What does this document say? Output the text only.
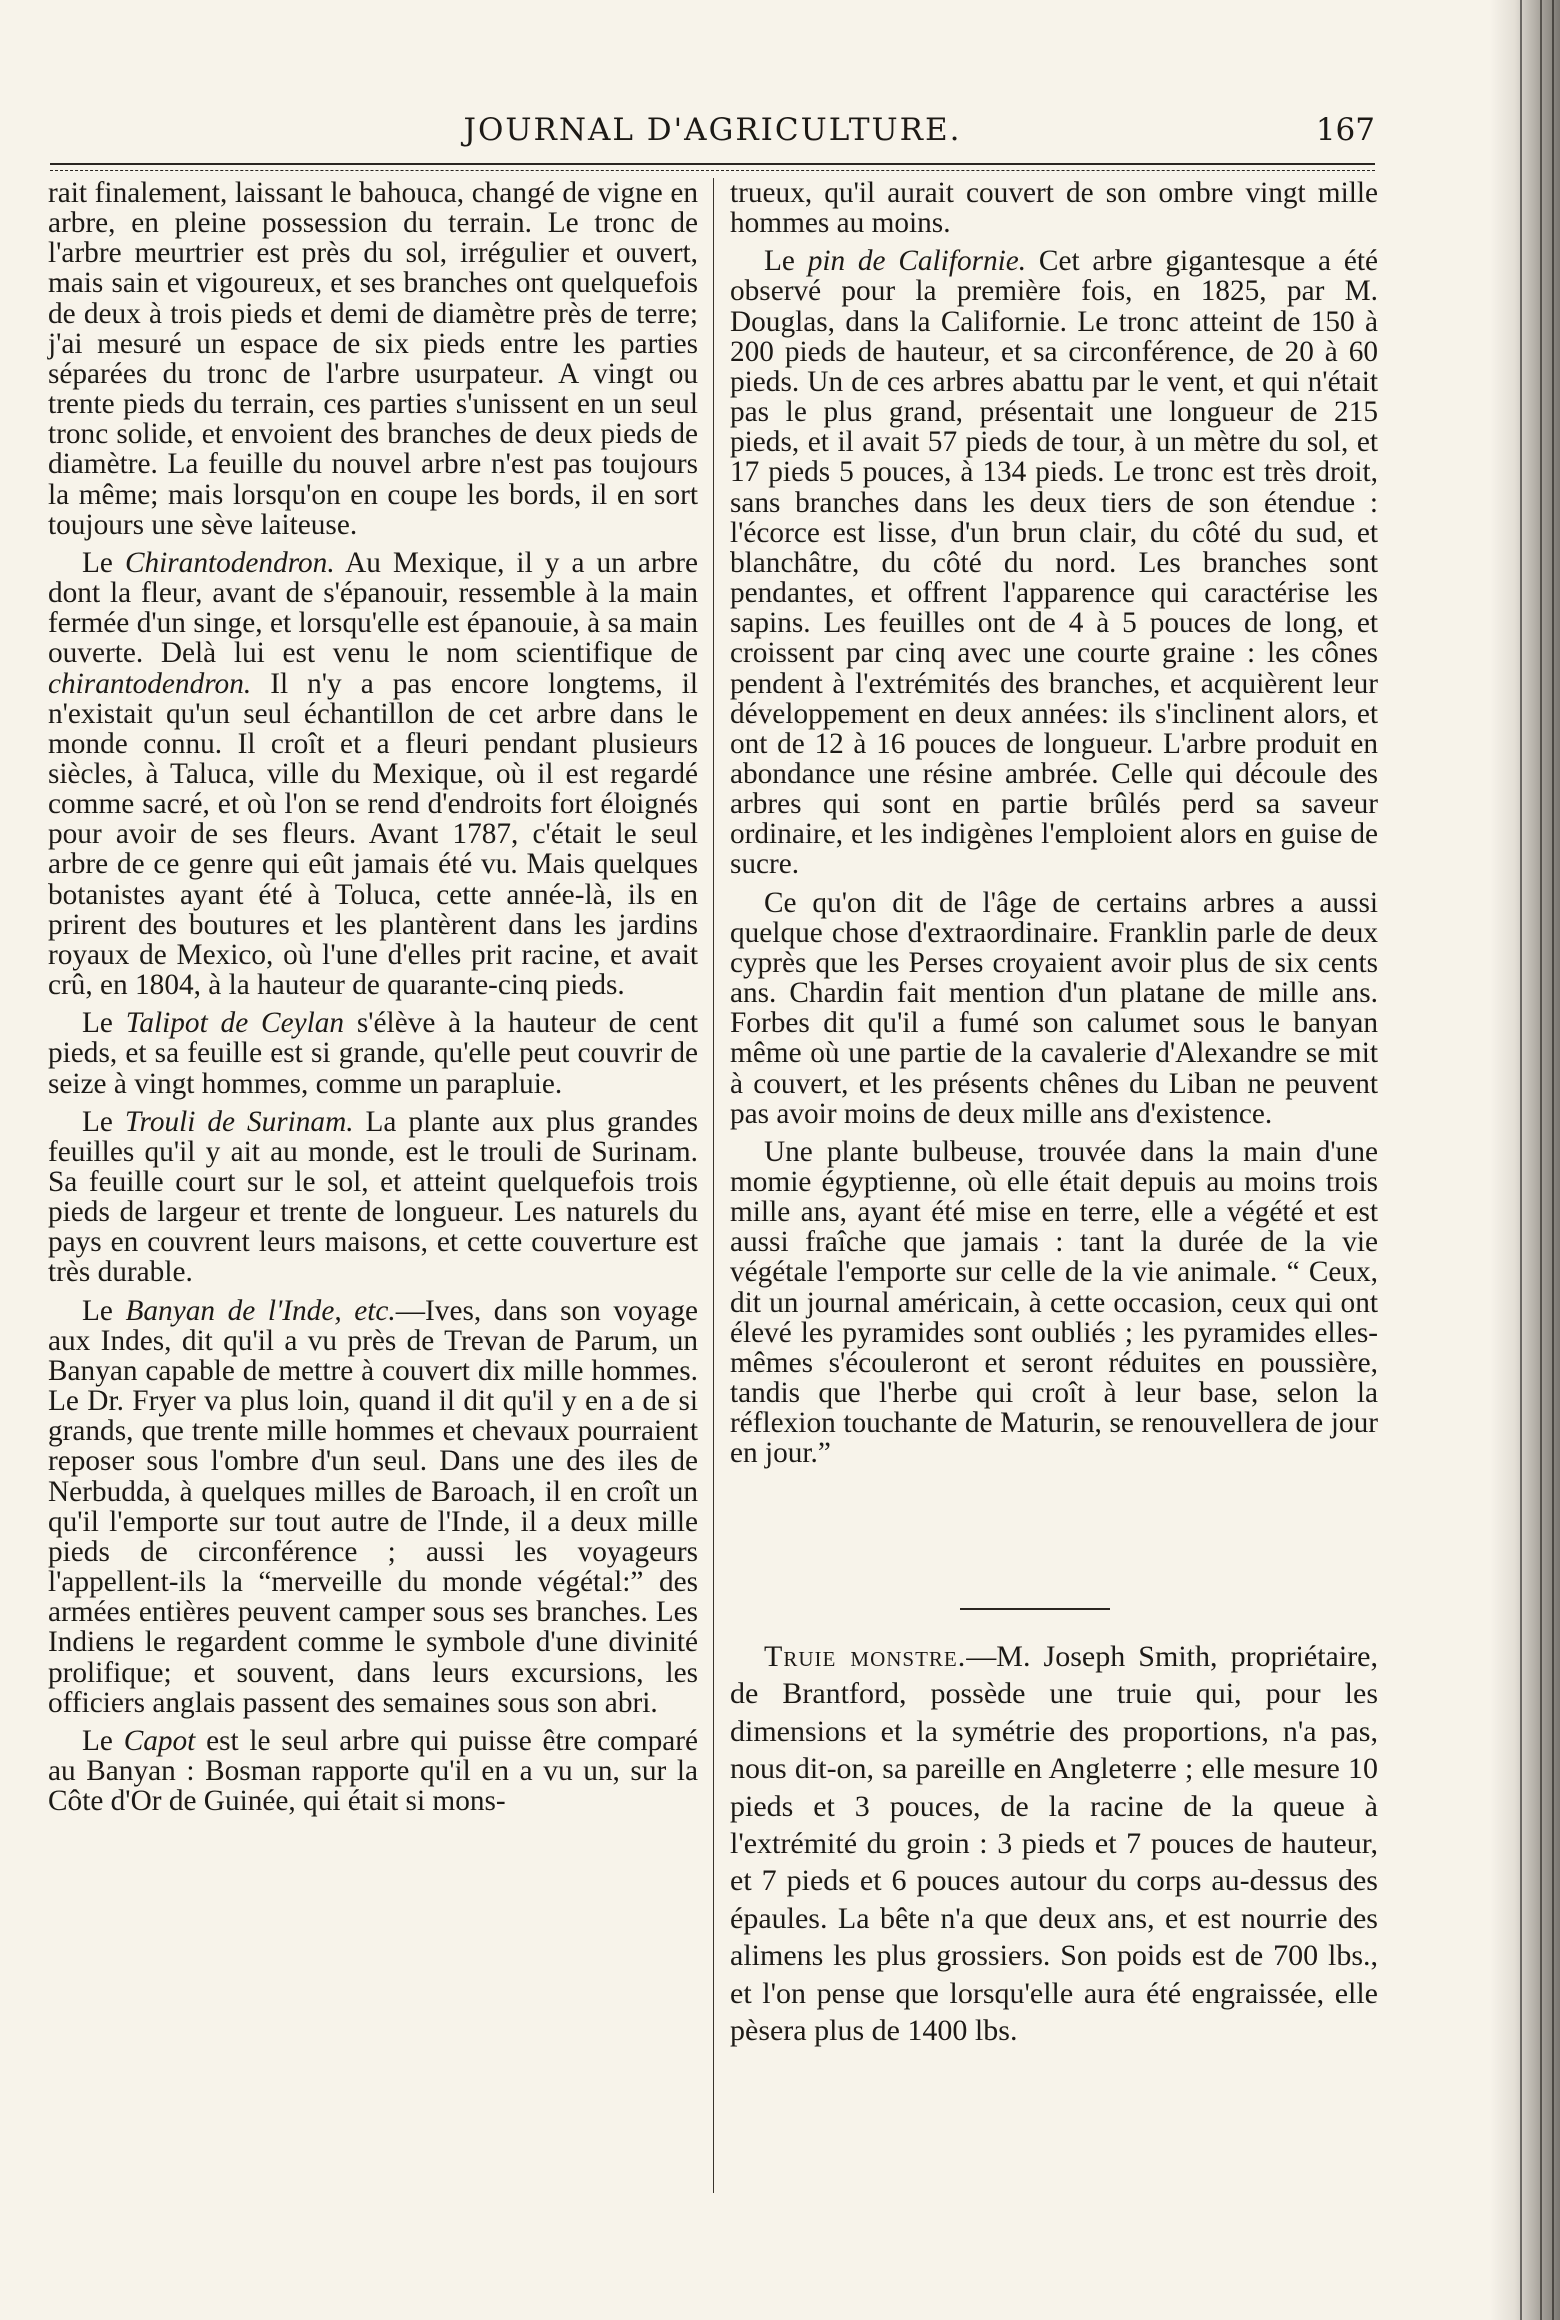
JOURNAL D'AGRICULTURE.	167

rait finalement, laissant le bahouca, changé de vigne en arbre, en pleine possession du terrain. Le tronc de l'arbre meurtrier est près du sol, irrégulier et ouvert, mais sain et vigoureux, et ses branches ont quelquefois de deux à trois pieds et demi de diamètre près de terre; j'ai mesuré un espace de six pieds entre les parties séparées du tronc de l'arbre usurpateur. A vingt ou trente pieds du terrain, ces parties s'unissent en un seul tronc solide, et envoient des branches de deux pieds de diamètre. La feuille du nouvel arbre n'est pas toujours la même; mais lorsqu'on en coupe les bords, il en sort toujours une sève laiteuse.

Le Chirantodendron. Au Mexique, il y a un arbre dont la fleur, avant de s'épanouir, ressemble à la main fermée d'un singe, et lorsqu'elle est épanouie, à sa main ouverte. Delà lui est venu le nom scientifique de chirantodendron. Il n'y a pas encore longtems, il n'existait qu'un seul échantillon de cet arbre dans le monde connu. Il croît et a fleuri pendant plusieurs siècles, à Taluca, ville du Mexique, où il est regardé comme sacré, et où l'on se rend d'endroits fort éloignés pour avoir de ses fleurs. Avant 1787, c'était le seul arbre de ce genre qui eût jamais été vu. Mais quelques botanistes ayant été à Toluca, cette année-là, ils en prirent des boutures et les plantèrent dans les jardins royaux de Mexico, où l'une d'elles prit racine, et avait crû, en 1804, à la hauteur de quarante-cinq pieds.

Le Talipot de Ceylan s'élève à la hauteur de cent pieds, et sa feuille est si grande, qu'elle peut couvrir de seize à vingt hommes, comme un parapluie.

Le Trouli de Surinam. La plante aux plus grandes feuilles qu'il y ait au monde, est le trouli de Surinam. Sa feuille court sur le sol, et atteint quelquefois trois pieds de largeur et trente de longueur. Les naturels du pays en couvrent leurs maisons, et cette couverture est très durable.

Le Banyan de l'Inde, etc.—Ives, dans son voyage aux Indes, dit qu'il a vu près de Trevan de Parum, un Banyan capable de mettre à couvert dix mille hommes. Le Dr. Fryer va plus loin, quand il dit qu'il y en a de si grands, que trente mille hommes et chevaux pourraient reposer sous l'ombre d'un seul. Dans une des iles de Nerbudda, à quelques milles de Baroach, il en croît un qu'il l'emporte sur tout autre de l'Inde, il a deux mille pieds de circonférence ; aussi les voyageurs l'appellent-ils la “merveille du monde végétal:” des armées entières peuvent camper sous ses branches. Les Indiens le regardent comme le symbole d'une divinité prolifique; et souvent, dans leurs excursions, les officiers anglais passent des semaines sous son abri.

Le Capot est le seul arbre qui puisse être comparé au Banyan : Bosman rapporte qu'il en a vu un, sur la Côte d'Or de Guinée, qui était si mons-

trueux, qu'il aurait couvert de son ombre vingt mille hommes au moins.

Le pin de Californie. Cet arbre gigantesque a été observé pour la première fois, en 1825, par M. Douglas, dans la Californie. Le tronc atteint de 150 à 200 pieds de hauteur, et sa circonférence, de 20 à 60 pieds. Un de ces arbres abattu par le vent, et qui n'était pas le plus grand, présentait une longueur de 215 pieds, et il avait 57 pieds de tour, à un mètre du sol, et 17 pieds 5 pouces, à 134 pieds. Le tronc est très droit, sans branches dans les deux tiers de son étendue : l'écorce est lisse, d'un brun clair, du côté du sud, et blanchâtre, du côté du nord. Les branches sont pendantes, et offrent l'apparence qui caractérise les sapins. Les feuilles ont de 4 à 5 pouces de long, et croissent par cinq avec une courte graine : les cônes pendent à l'extrémités des branches, et acquièrent leur développement en deux années: ils s'inclinent alors, et ont de 12 à 16 pouces de longueur. L'arbre produit en abondance une résine ambrée. Celle qui découle des arbres qui sont en partie brûlés perd sa saveur ordinaire, et les indigènes l'emploient alors en guise de sucre.

Ce qu'on dit de l'âge de certains arbres a aussi quelque chose d'extraordinaire. Franklin parle de deux cyprès que les Perses croyaient avoir plus de six cents ans. Chardin fait mention d'un platane de mille ans. Forbes dit qu'il a fumé son calumet sous le banyan même où une partie de la cavalerie d'Alexandre se mit à couvert, et les présents chênes du Liban ne peuvent pas avoir moins de deux mille ans d'existence.

Une plante bulbeuse, trouvée dans la main d'une momie égyptienne, où elle était depuis au moins trois mille ans, ayant été mise en terre, elle a végété et est aussi fraîche que jamais : tant la durée de la vie végétale l'emporte sur celle de la vie animale. “ Ceux, dit un journal américain, à cette occasion, ceux qui ont élevé les pyramides sont oubliés ; les pyramides elles-mêmes s'écouleront et seront réduites en poussière, tandis que l'herbe qui croît à leur base, selon la réflexion touchante de Maturin, se renouvellera de jour en jour.”

Truie monstre.—M. Joseph Smith, propriétaire, de Brantford, possède une truie qui, pour les dimensions et la symétrie des proportions, n'a pas, nous dit-on, sa pareille en Angleterre ; elle mesure 10 pieds et 3 pouces, de la racine de la queue à l'extrémité du groin : 3 pieds et 7 pouces de hauteur, et 7 pieds et 6 pouces autour du corps au-dessus des épaules. La bête n'a que deux ans, et est nourrie des alimens les plus grossiers. Son poids est de 700 lbs., et l'on pense que lorsqu'elle aura été engraissée, elle pèsera plus de 1400 lbs.
